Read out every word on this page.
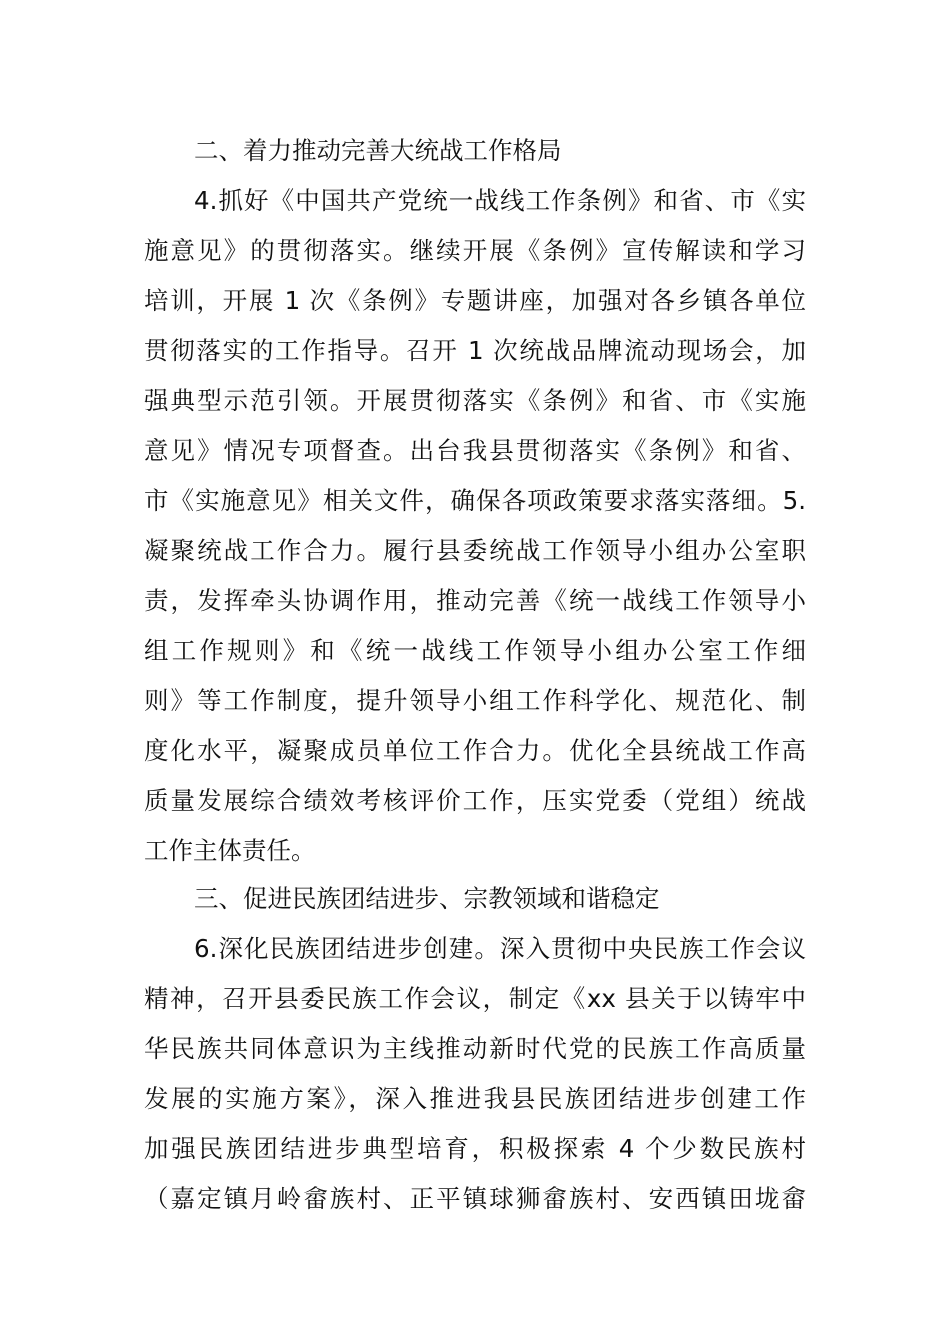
二、着力推动完善大统战工作格局
4.抓好《中国共产党统一战线工作条例》和省、市《实
施意见》的贯彻落实。继续开展《条例》宣传解读和学习
培训，开展 1 次《条例》专题讲座，加强对各乡镇各单位
贯彻落实的工作指导。召开 1 次统战品牌流动现场会，加
强典型示范引领。开展贯彻落实《条例》和省、市《实施
意见》情况专项督查。出台我县贯彻落实《条例》和省、
市《实施意见》相关文件，确保各项政策要求落实落细。5.
凝聚统战工作合力。履行县委统战工作领导小组办公室职
责，发挥牵头协调作用，推动完善《统一战线工作领导小
组工作规则》和《统一战线工作领导小组办公室工作细
则》等工作制度，提升领导小组工作科学化、规范化、制
度化水平，凝聚成员单位工作合力。优化全县统战工作高
质量发展综合绩效考核评价工作，压实党委（党组）统战
工作主体责任。
三、促进民族团结进步、宗教领域和谐稳定
6.深化民族团结进步创建。深入贯彻中央民族工作会议
精神，召开县委民族工作会议，制定《xx 县关于以铸牢中
华民族共同体意识为主线推动新时代党的民族工作高质量
发展的实施方案》，深入推进我县民族团结进步创建工作
加强民族团结进步典型培育，积极探索 4 个少数民族村
（嘉定镇月岭畲族村、正平镇球狮畲族村、安西镇田垅畲
